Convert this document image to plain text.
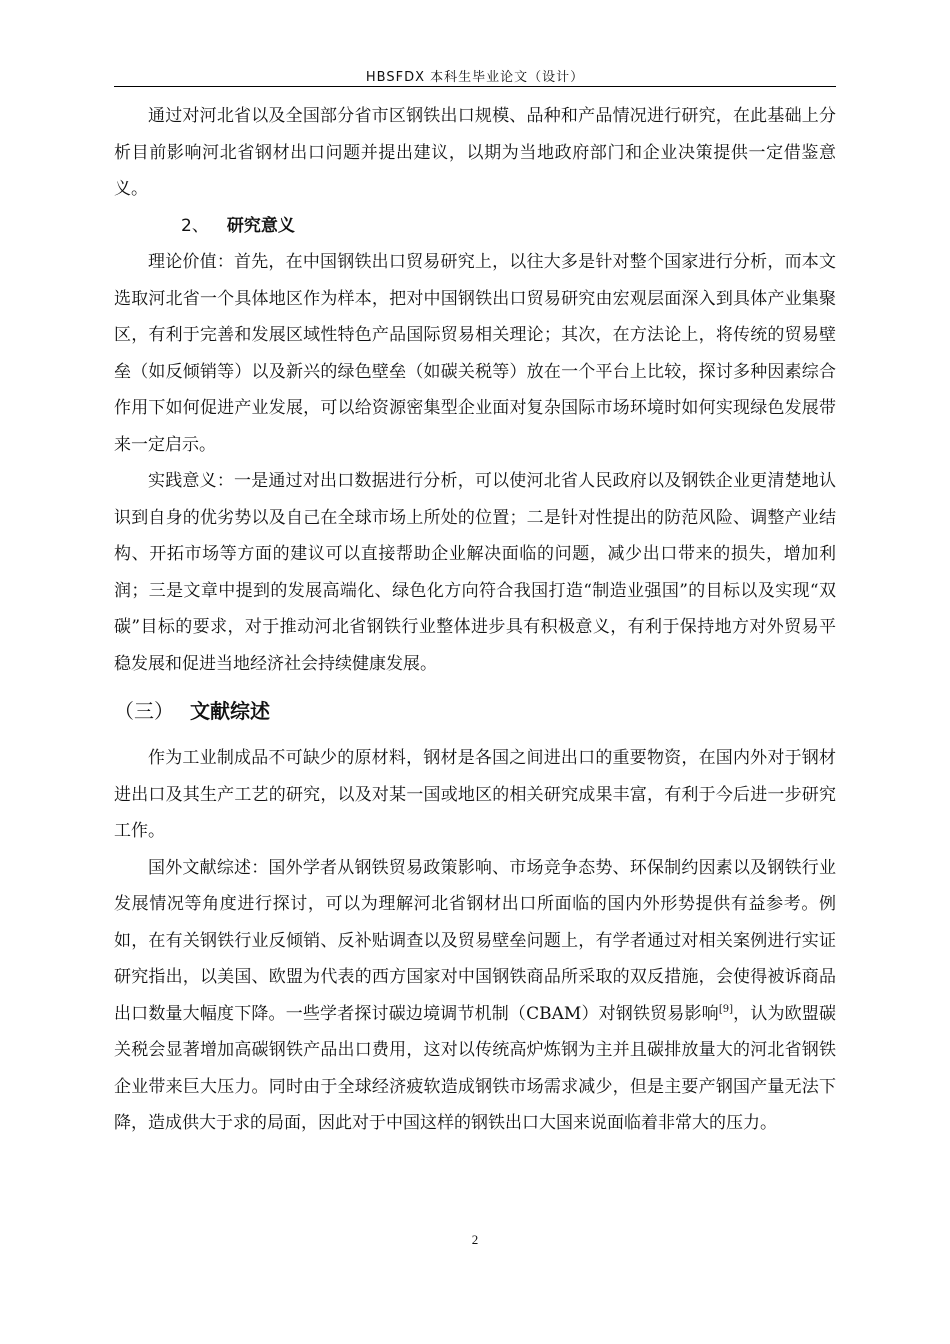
HBSFDX 本科生毕业论文（设计）

通过对河北省以及全国部分省市区钢铁出口规模、品种和产品情况进行研究，在此基础上分析目前影响河北省钢材出口问题并提出建议，以期为当地政府部门和企业决策提供一定借鉴意义。

2、 研究意义

理论价值：首先，在中国钢铁出口贸易研究上，以往大多是针对整个国家进行分析，而本文选取河北省一个具体地区作为样本，把对中国钢铁出口贸易研究由宏观层面深入到具体产业集聚区，有利于完善和发展区域性特色产品国际贸易相关理论；其次，在方法论上，将传统的贸易壁垒（如反倾销等）以及新兴的绿色壁垒（如碳关税等）放在一个平台上比较，探讨多种因素综合作用下如何促进产业发展，可以给资源密集型企业面对复杂国际市场环境时如何实现绿色发展带来一定启示。

实践意义：一是通过对出口数据进行分析，可以使河北省人民政府以及钢铁企业更清楚地认识到自身的优劣势以及自己在全球市场上所处的位置；二是针对性提出的防范风险、调整产业结构、开拓市场等方面的建议可以直接帮助企业解决面临的问题，减少出口带来的损失，增加利润；三是文章中提到的发展高端化、绿色化方向符合我国打造“制造业强国”的目标以及实现“双碳”目标的要求，对于推动河北省钢铁行业整体进步具有积极意义，有利于保持地方对外贸易平稳发展和促进当地经济社会持续健康发展。

（三） 文献综述

作为工业制成品不可缺少的原材料，钢材是各国之间进出口的重要物资，在国内外对于钢材进出口及其生产工艺的研究，以及对某一国或地区的相关研究成果丰富，有利于今后进一步研究工作。

国外文献综述：国外学者从钢铁贸易政策影响、市场竞争态势、环保制约因素以及钢铁行业发展情况等角度进行探讨，可以为理解河北省钢材出口所面临的国内外形势提供有益参考。例如，在有关钢铁行业反倾销、反补贴调查以及贸易壁垒问题上，有学者通过对相关案例进行实证研究指出，以美国、欧盟为代表的西方国家对中国钢铁商品所采取的双反措施，会使得被诉商品出口数量大幅度下降。一些学者探讨碳边境调节机制（CBAM）对钢铁贸易影响[9]，认为欧盟碳关税会显著增加高碳钢铁产品出口费用，这对以传统高炉炼钢为主并且碳排放量大的河北省钢铁企业带来巨大压力。同时由于全球经济疲软造成钢铁市场需求减少，但是主要产钢国产量无法下降，造成供大于求的局面，因此对于中国这样的钢铁出口大国来说面临着非常大的压力。

2
